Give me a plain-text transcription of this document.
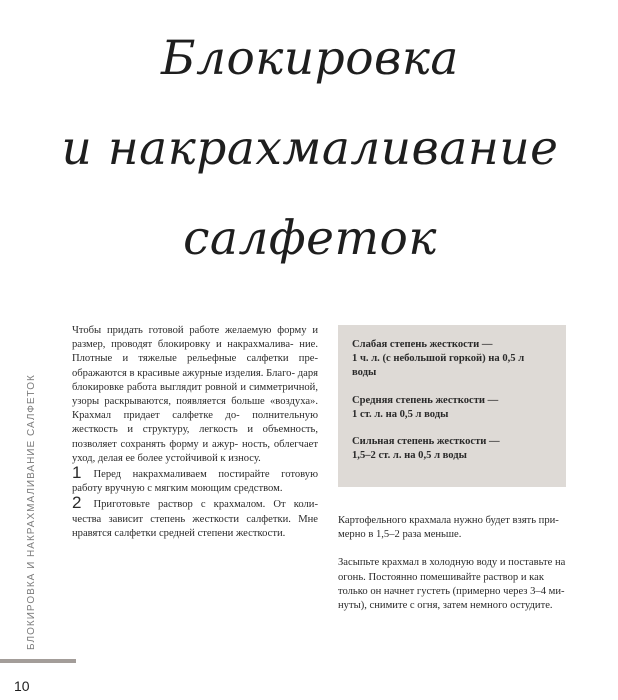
Блокировка
и накрахмаливание
салфеток

Чтобы придать готовой работе желаемую форму и размер, проводят блокировку и накрахмалива- ние. Плотные и тяжелые рельефные салфетки пре- ображаются в красивые ажурные изделия. Благо- даря блокировке работа выглядит ровной и симметричной, узоры раскрываются, появляется больше «воздуха». Крахмал придает салфетке до- полнительную жесткость и структуру, легкость и объемность, позволяет сохранять форму и ажур- ность, облегчает уход, делая ее более устойчивой к износу.

1 Перед накрахмаливаем постирайте готовую работу вручную с мягким моющим средством.

2 Приготовьте раствор с крахмалом. От коли- чества зависит степень жесткости салфетки. Мне нравятся салфетки средней степени жесткости.

Слабая степень жесткости —
1 ч. л. (с небольшой горкой) на 0,5 л
воды

Средняя степень жесткости —
1 ст. л. на 0,5 л воды

Сильная степень жесткости —
1,5–2 ст. л. на 0,5 л воды

Картофельного крахмала нужно будет взять при-
мерно в 1,5–2 раза меньше.

Засыпьте крахмал в холодную воду и поставьте на
огонь. Постоянно помешивайте раствор и как
только он начнет густеть (примерно через 3–4 ми-
нуты), снимите с огня, затем немного остудите.

БЛОКИРОВКА И НАКРАХМАЛИВАНИЕ САЛФЕТОК
10
